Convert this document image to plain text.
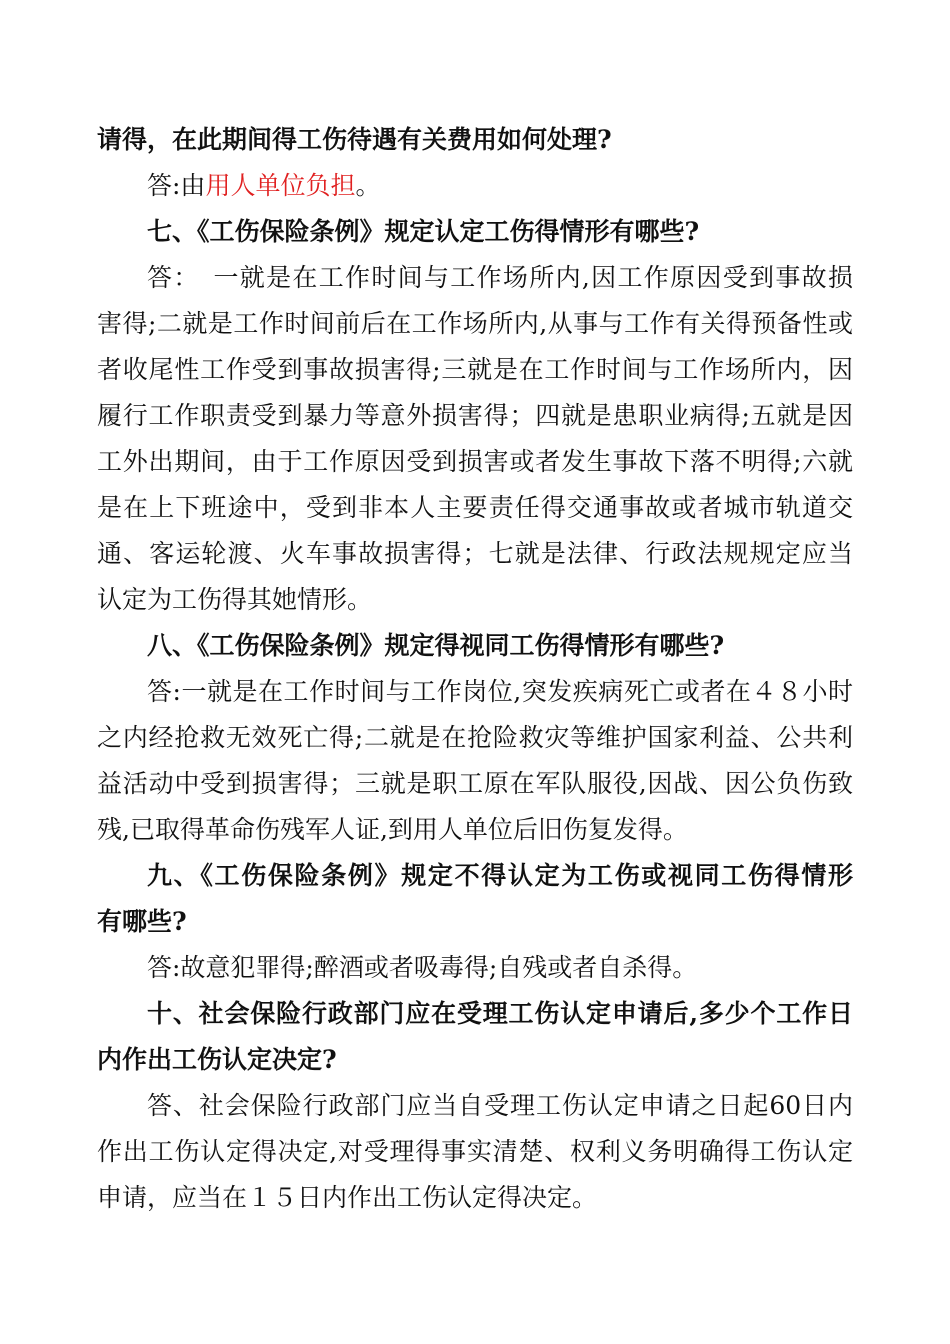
请得，在此期间得工伤待遇有关费用如何处理?
答:由用人单位负担。
七、《工伤保险条例》规定认定工伤得情形有哪些?
答：　一就是在工作时间与工作场所内,因工作原因受到事故损
害得;二就是工作时间前后在工作场所内,从事与工作有关得预备性或
者收尾性工作受到事故损害得;三就是在工作时间与工作场所内，因
履行工作职责受到暴力等意外损害得；四就是患职业病得;五就是因
工外出期间，由于工作原因受到损害或者发生事故下落不明得;六就
是在上下班途中，受到非本人主要责任得交通事故或者城市轨道交
通、客运轮渡、火车事故损害得；七就是法律、行政法规规定应当
认定为工伤得其她情形。
八、《工伤保险条例》规定得视同工伤得情形有哪些?
答:一就是在工作时间与工作岗位,突发疾病死亡或者在４８小时
之内经抢救无效死亡得;二就是在抢险救灾等维护国家利益、公共利
益活动中受到损害得；三就是职工原在军队服役,因战、因公负伤致
残,已取得革命伤残军人证,到用人单位后旧伤复发得。
九、《工伤保险条例》规定不得认定为工伤或视同工伤得情形
有哪些?
答:故意犯罪得;醉酒或者吸毒得;自残或者自杀得。
十、社会保险行政部门应在受理工伤认定申请后,多少个工作日
内作出工伤认定决定?
答、社会保险行政部门应当自受理工伤认定申请之日起60日内
作出工伤认定得决定,对受理得事实清楚、权利义务明确得工伤认定
申请，应当在１５日内作出工伤认定得决定。
